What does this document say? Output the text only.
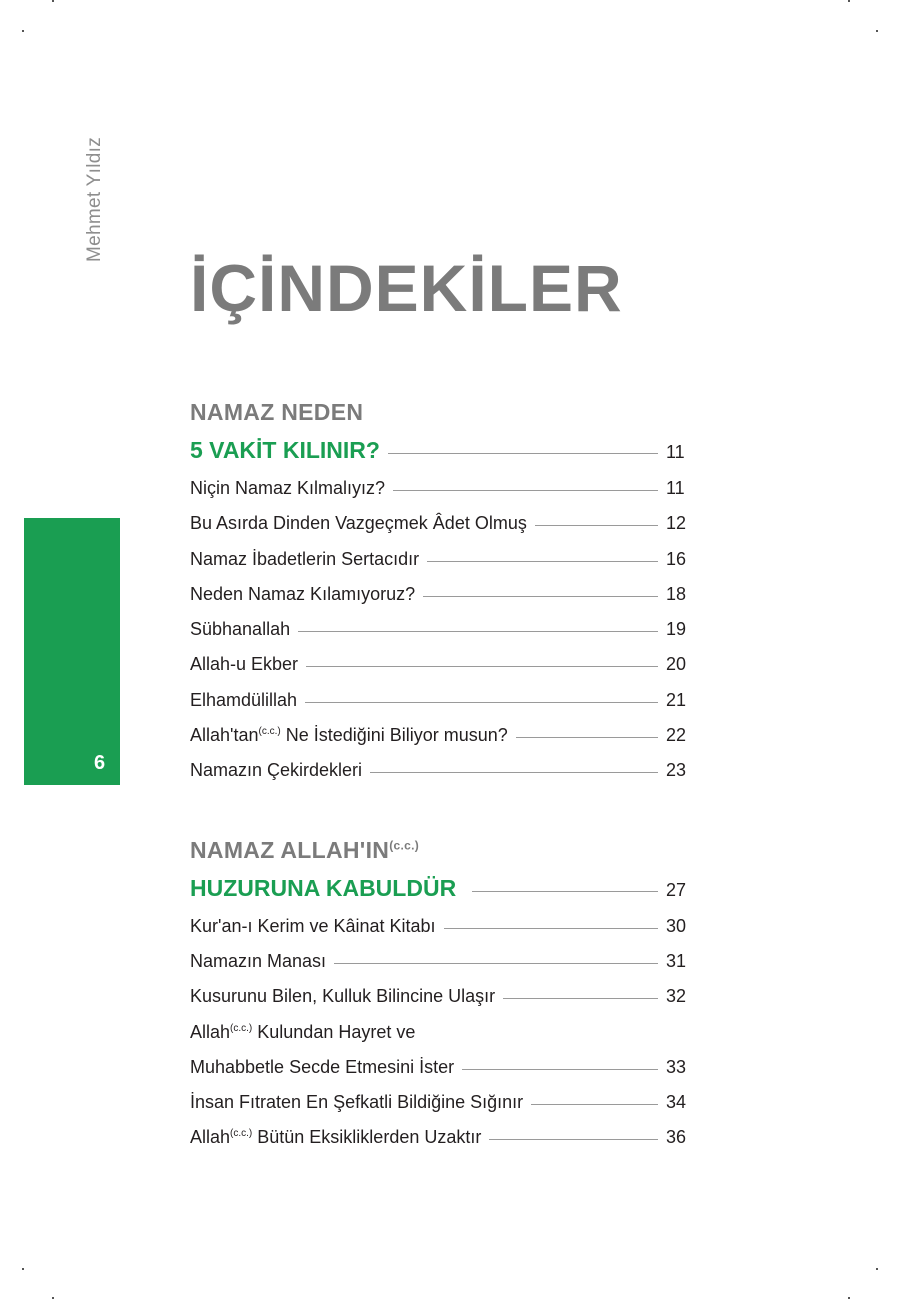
Mehmet Yıldız
6
İÇİNDEKİLER
NAMAZ NEDEN
5 VAKİT KILINIR?	11
Niçin Namaz Kılmalıyız?	11
Bu Asırda Dinden Vazgeçmek Âdet Olmuş	12
Namaz İbadetlerin Sertacıdır	16
Neden Namaz Kılamıyoruz?	18
Sübhanallah	19
Allah-u Ekber	20
Elhamdülillah	21
$Allah'\tan^{(c.c.)}$ Ne İstediğini Biliyor musun?	22
Namazın Çekirdekleri	23
NAMAZ $ALLAH'IN^{(c.c.)}$
HUZURUNA KABULDÜR	27
Kur'an-ı Kerim ve Kâinat Kitabı	30
Namazın Manası	31
Kusurunu Bilen, Kulluk Bilincine Ulaşır	32
Allah$^{(c.c.)}$ Kulundan Hayret ve
Muhabbetle Secde Etmesini İster	33
İnsan Fıtraten En Şefkatli Bildiğine Sığınır	34
Allah$^{(c.c.)}$ Bütün Eksikliklerden Uzaktır	36
